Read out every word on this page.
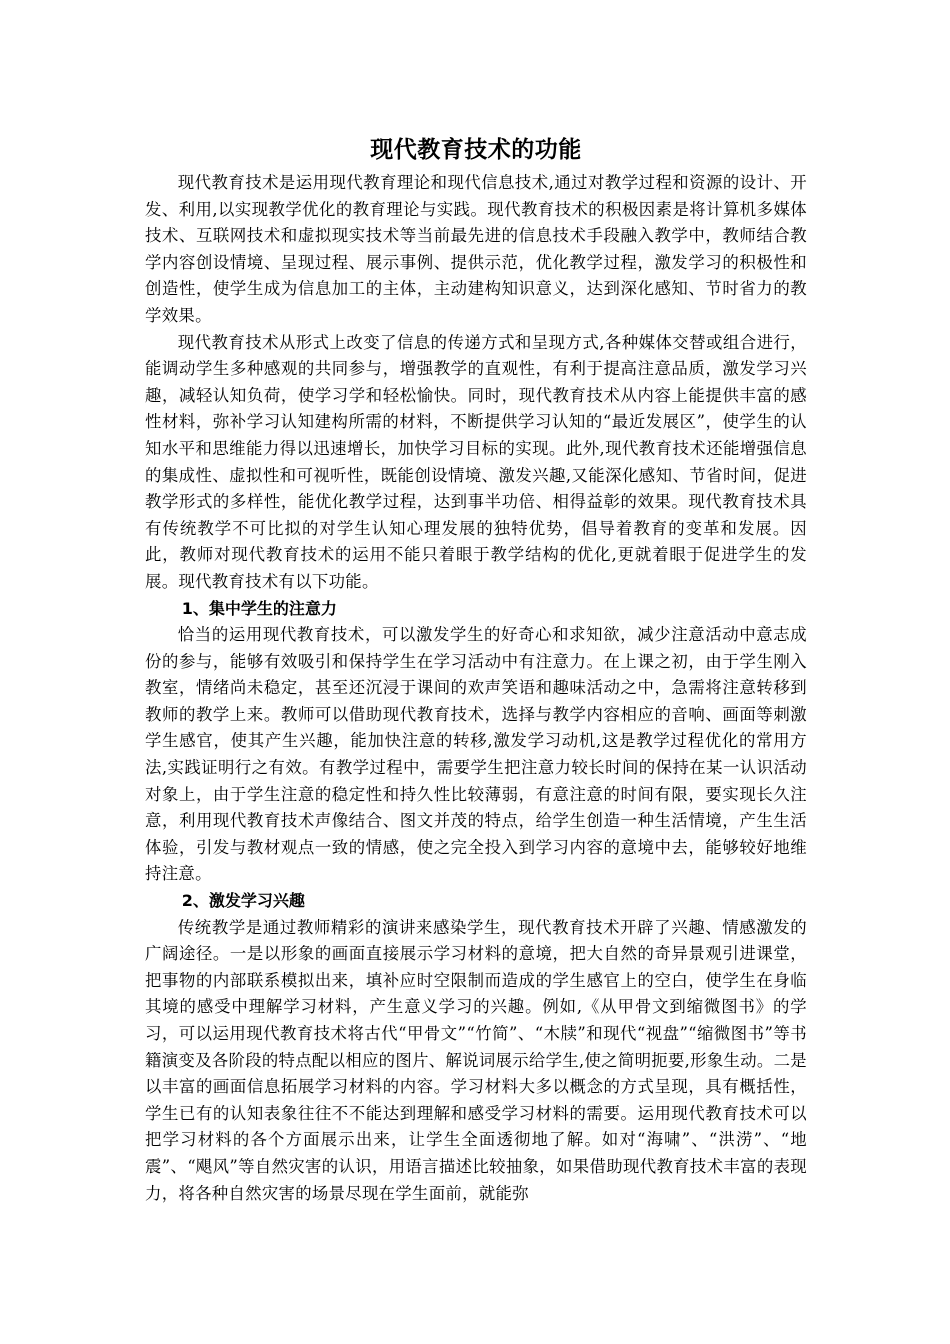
现代教育技术的功能

现代教育技术是运用现代教育理论和现代信息技术,通过对教学过程和资源的设计、开发、利用,以实现教学优化的教育理论与实践。现代教育技术的积极因素是将计算机多媒体技术、互联网技术和虚拟现实技术等当前最先进的信息技术手段融入教学中，教师结合教学内容创设情境、呈现过程、展示事例、提供示范，优化教学过程，激发学习的积极性和创造性，使学生成为信息加工的主体，主动建构知识意义，达到深化感知、节时省力的教学效果。

现代教育技术从形式上改变了信息的传递方式和呈现方式,各种媒体交替或组合进行，能调动学生多种感观的共同参与，增强教学的直观性，有利于提高注意品质，激发学习兴趣，减轻认知负荷，使学习学和轻松愉快。同时，现代教育技术从内容上能提供丰富的感性材料，弥补学习认知建构所需的材料，不断提供学习认知的“最近发展区”，使学生的认知水平和思维能力得以迅速增长，加快学习目标的实现。此外,现代教育技术还能增强信息的集成性、虚拟性和可视听性，既能创设情境、激发兴趣,又能深化感知、节省时间，促进教学形式的多样性，能优化教学过程，达到事半功倍、相得益彰的效果。现代教育技术具有传统教学不可比拟的对学生认知心理发展的独特优势，倡导着教育的变革和发展。因此，教师对现代教育技术的运用不能只着眼于教学结构的优化,更就着眼于促进学生的发展。现代教育技术有以下功能。

1、集中学生的注意力

恰当的运用现代教育技术，可以激发学生的好奇心和求知欲，减少注意活动中意志成份的参与，能够有效吸引和保持学生在学习活动中有注意力。在上课之初，由于学生刚入教室，情绪尚未稳定，甚至还沉浸于课间的欢声笑语和趣味活动之中，急需将注意转移到教师的教学上来。教师可以借助现代教育技术，选择与教学内容相应的音响、画面等刺激学生感官，使其产生兴趣，能加快注意的转移,激发学习动机,这是教学过程优化的常用方法,实践证明行之有效。有教学过程中，需要学生把注意力较长时间的保持在某一认识活动对象上，由于学生注意的稳定性和持久性比较薄弱，有意注意的时间有限，要实现长久注意，利用现代教育技术声像结合、图文并茂的特点，给学生创造一种生活情境，产生生活体验，引发与教材观点一致的情感，使之完全投入到学习内容的意境中去，能够较好地维持注意。

2、激发学习兴趣

传统教学是通过教师精彩的演讲来感染学生，现代教育技术开辟了兴趣、情感激发的广阔途径。一是以形象的画面直接展示学习材料的意境，把大自然的奇异景观引进课堂，把事物的内部联系模拟出来，填补应时空限制而造成的学生感官上的空白，使学生在身临其境的感受中理解学习材料，产生意义学习的兴趣。例如,《从甲骨文到缩微图书》的学习，可以运用现代教育技术将古代“甲骨文”“竹简”、“木牍”和现代“视盘”“缩微图书”等书籍演变及各阶段的特点配以相应的图片、解说词展示给学生,使之简明扼要,形象生动。二是以丰富的画面信息拓展学习材料的内容。学习材料大多以概念的方式呈现，具有概括性，学生已有的认知表象往往不不能达到理解和感受学习材料的需要。运用现代教育技术可以把学习材料的各个方面展示出来，让学生全面透彻地了解。如对“海啸”、“洪涝”、“地震”、“飓风”等自然灾害的认识，用语言描述比较抽象，如果借助现代教育技术丰富的表现力，将各种自然灾害的场景尽现在学生面前，就能弥
